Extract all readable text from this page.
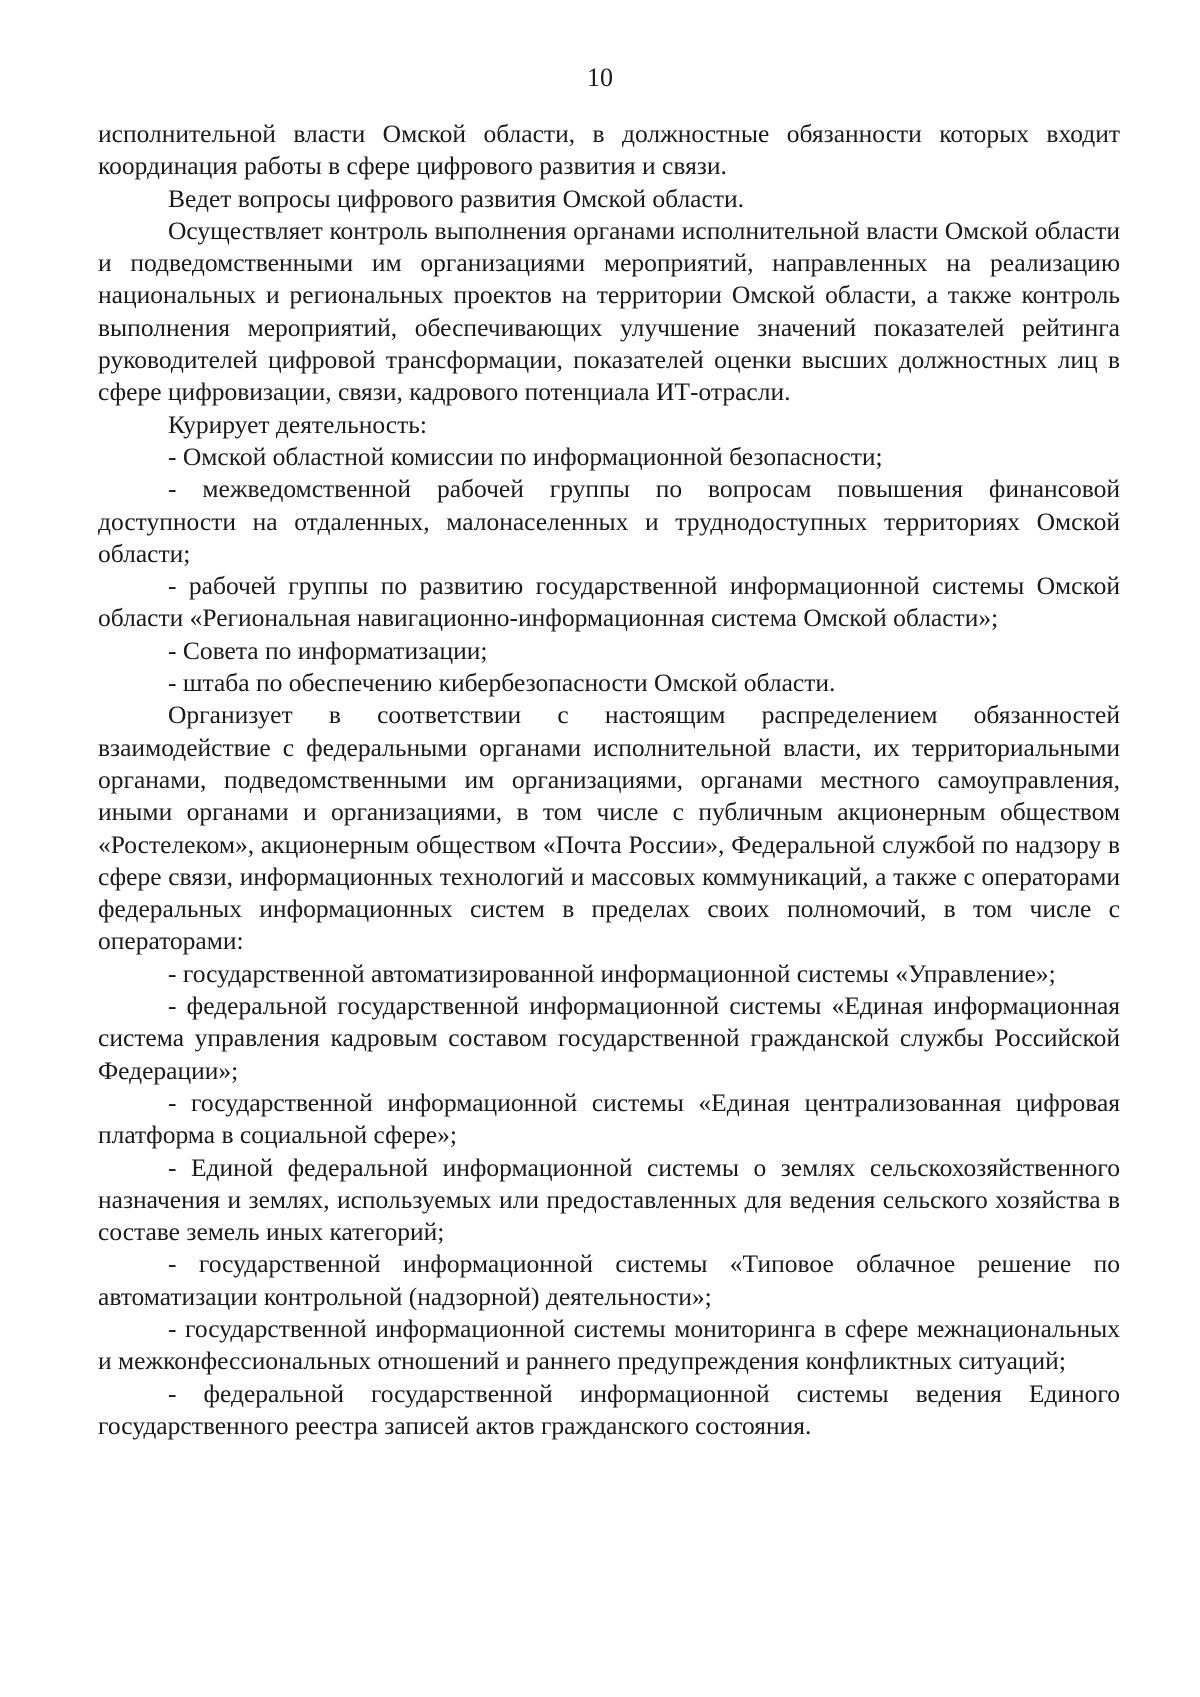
10

исполнительной власти Омской области, в должностные обязанности которых входит координация работы в сфере цифрового развития и связи.

Ведет вопросы цифрового развития Омской области.

Осуществляет контроль выполнения органами исполнительной власти Омской области и подведомственными им организациями мероприятий, направленных на реализацию национальных и региональных проектов на территории Омской области, а также контроль выполнения мероприятий, обеспечивающих улучшение значений показателей рейтинга руководителей цифровой трансформации, показателей оценки высших должностных лиц в сфере цифровизации, связи, кадрового потенциала ИТ-отрасли.

Курирует деятельность:

- Омской областной комиссии по информационной безопасности;

- межведомственной рабочей группы по вопросам повышения финансовой доступности на отдаленных, малонаселенных и труднодоступных территориях Омской области;

- рабочей группы по развитию государственной информационной системы Омской области «Региональная навигационно-информационная система Омской области»;

- Совета по информатизации;

- штаба по обеспечению кибербезопасности Омской области.

Организует в соответствии с настоящим распределением обязанностей взаимодействие с федеральными органами исполнительной власти, их территориальными органами, подведомственными им организациями, органами местного самоуправления, иными органами и организациями, в том числе с публичным акционерным обществом «Ростелеком», акционерным обществом «Почта России», Федеральной службой по надзору в сфере связи, информационных технологий и массовых коммуникаций, а также с операторами федеральных информационных систем в пределах своих полномочий, в том числе с операторами:

- государственной автоматизированной информационной системы «Управление»;

- федеральной государственной информационной системы «Единая информационная система управления кадровым составом государственной гражданской службы Российской Федерации»;

- государственной информационной системы «Единая централизованная цифровая платформа в социальной сфере»;

- Единой федеральной информационной системы о землях сельскохозяйственного назначения и землях, используемых или предоставленных для ведения сельского хозяйства в составе земель иных категорий;

- государственной информационной системы «Типовое облачное решение по автоматизации контрольной (надзорной) деятельности»;

- государственной информационной системы мониторинга в сфере межнациональных и межконфессиональных отношений и раннего предупреждения конфликтных ситуаций;

- федеральной государственной информационной системы ведения Единого государственного реестра записей актов гражданского состояния.
